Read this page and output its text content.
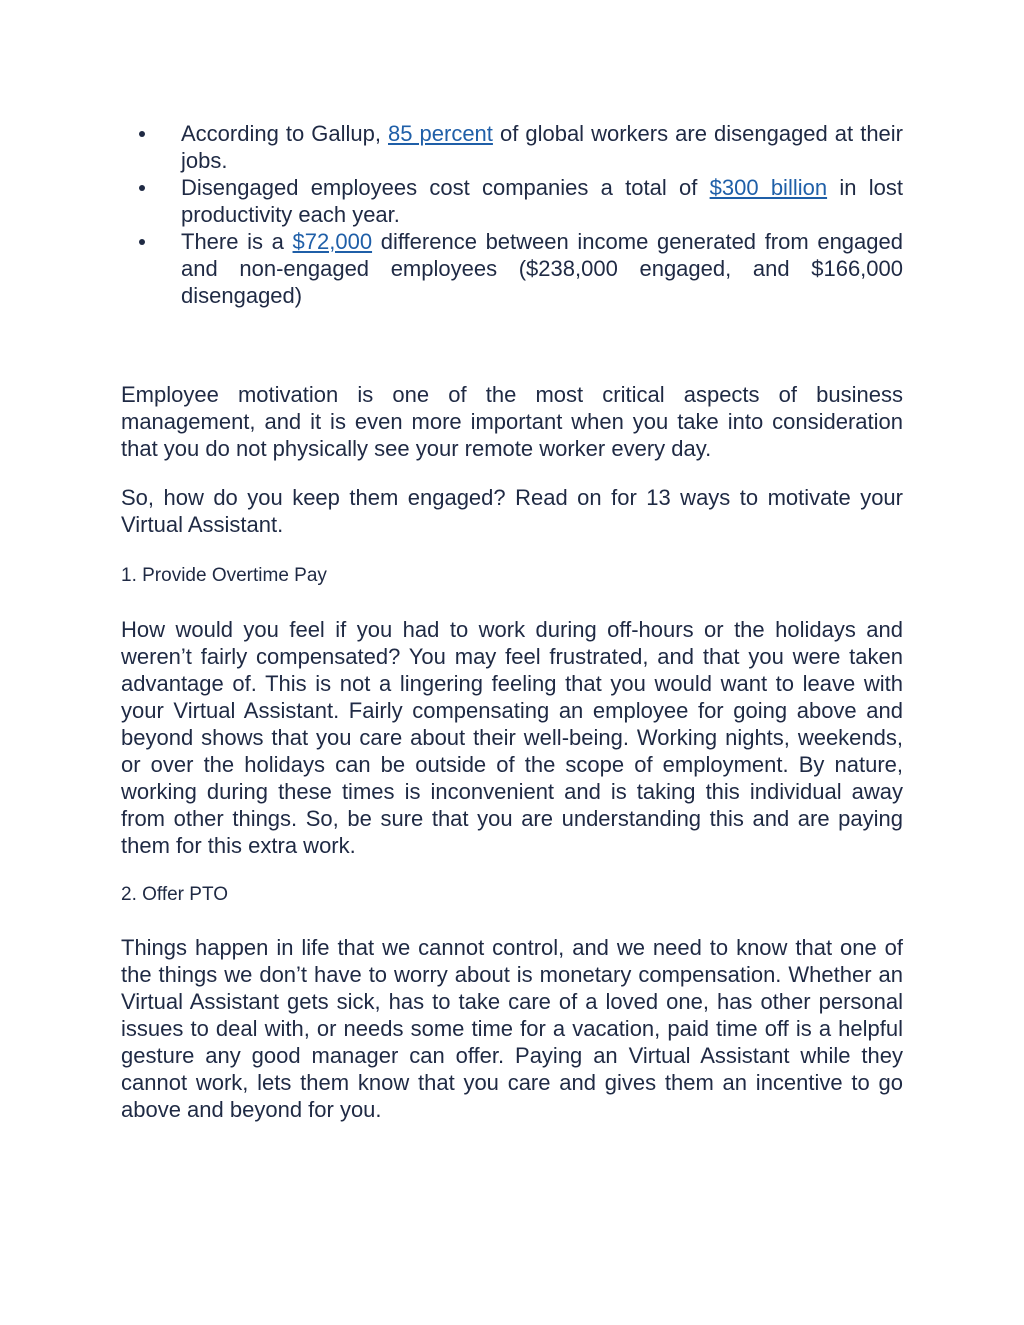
According to Gallup, 85 percent of global workers are disengaged at their jobs.
Disengaged employees cost companies a total of $300 billion in lost productivity each year.
There is a $72,000 difference between income generated from engaged and non-engaged employees ($238,000 engaged, and $166,000 disengaged)

Employee motivation is one of the most critical aspects of business management, and it is even more important when you take into consideration that you do not physically see your remote worker every day.

So, how do you keep them engaged? Read on for 13 ways to motivate your Virtual Assistant.

1. Provide Overtime Pay

How would you feel if you had to work during off-hours or the holidays and weren’t fairly compensated? You may feel frustrated, and that you were taken advantage of. This is not a lingering feeling that you would want to leave with your Virtual Assistant. Fairly compensating an employee for going above and beyond shows that you care about their well-being. Working nights, weekends, or over the holidays can be outside of the scope of employment. By nature, working during these times is inconvenient and is taking this individual away from other things. So, be sure that you are understanding this and are paying them for this extra work.

2. Offer PTO

Things happen in life that we cannot control, and we need to know that one of the things we don’t have to worry about is monetary compensation. Whether an Virtual Assistant gets sick, has to take care of a loved one, has other personal issues to deal with, or needs some time for a vacation, paid time off is a helpful gesture any good manager can offer. Paying an Virtual Assistant while they cannot work, lets them know that you care and gives them an incentive to go above and beyond for you.
